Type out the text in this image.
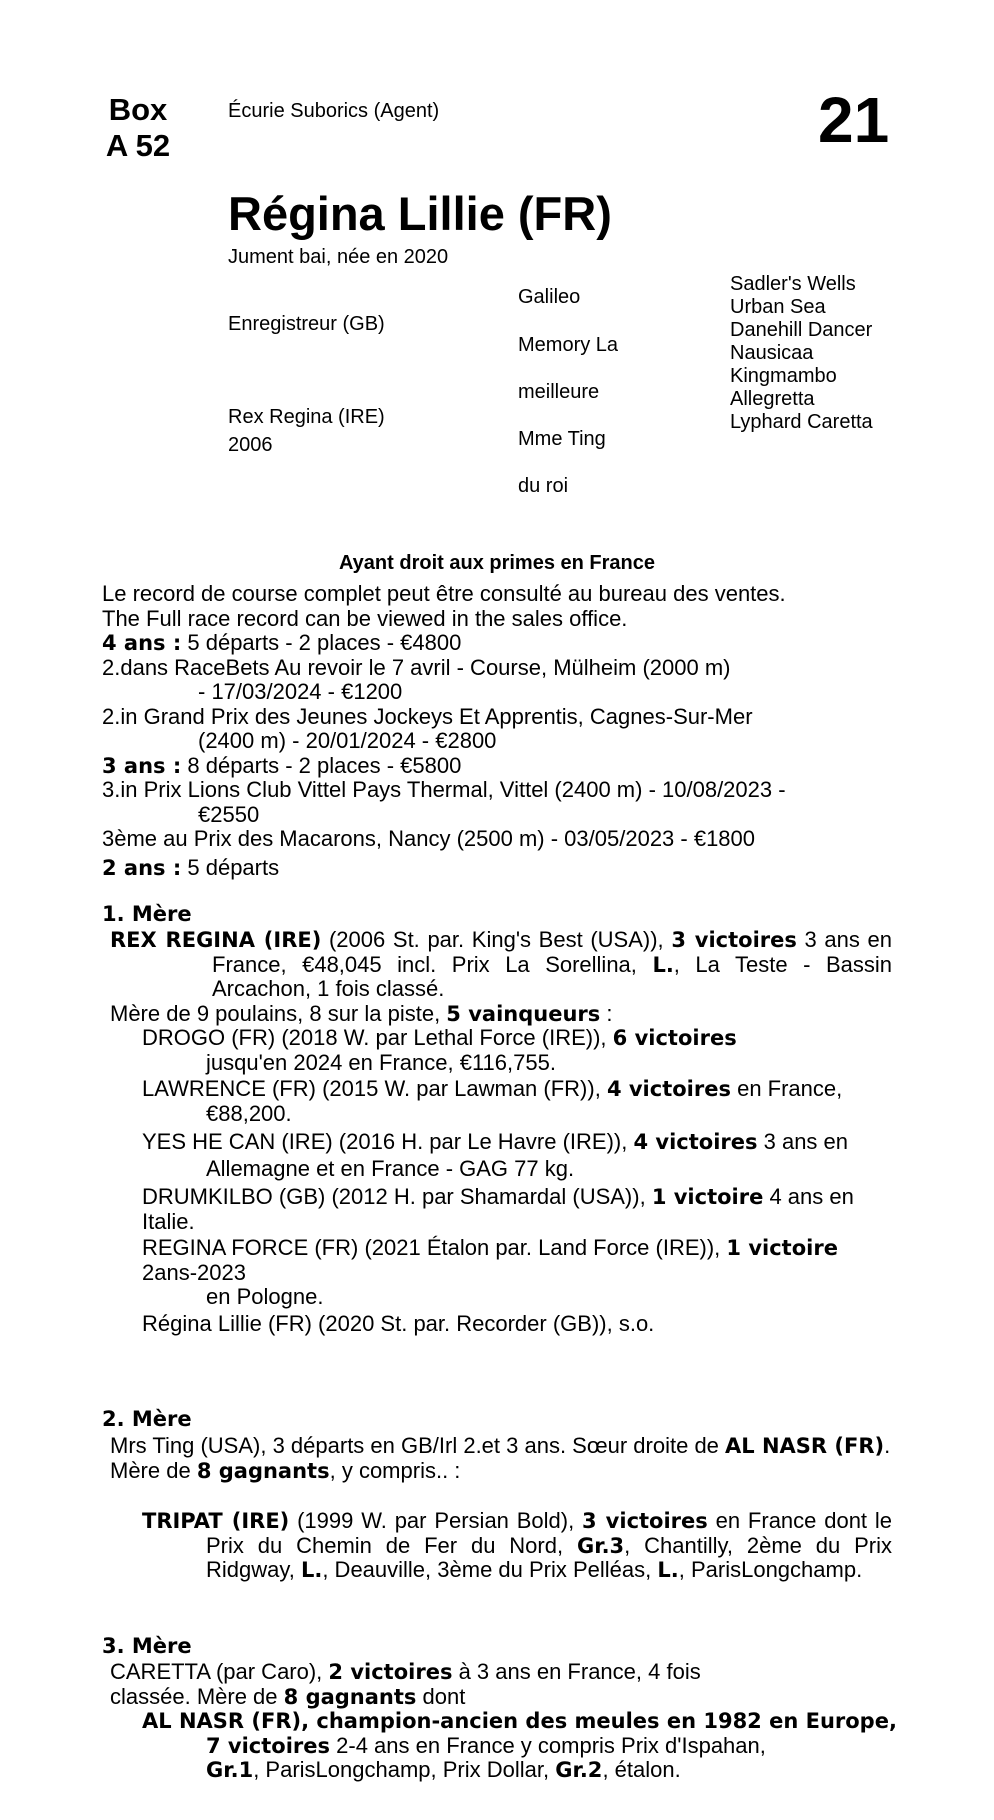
Box
A 52
Écurie Suborics (Agent)	21
Régina Lillie (FR)
Jument bai, née en 2020
Enregistreur (GB)
Rex Regina (IRE)
2006
Galileo
Memory La
meilleure
Mme Ting
du roi
Sadler's Wells
Urban Sea
Danehill Dancer
Nausicaa
Kingmambo
Allegretta
Lyphard Caretta
Ayant droit aux primes en France

Le record de course complet peut être consulté au bureau des ventes.

The Full race record can be viewed in the sales office.

4 ans : 5 départs - 2 places - €4800

2.dans RaceBets Au revoir le 7 avril - Course, Mülheim (2000 m)

- 17/03/2024 - €1200

2.in Grand Prix des Jeunes Jockeys Et Apprentis, Cagnes-Sur-Mer

(2400 m) - 20/01/2024 - €2800

3 ans : 8 départs - 2 places - €5800

3.in Prix Lions Club Vittel Pays Thermal, Vittel (2400 m) - 10/08/2023 -

€2550

3ème au Prix des Macarons, Nancy (2500 m) - 03/05/2023 - €1800

2 ans : 5 départs

1. Mère

REX REGINA (IRE) (2006 St. par. King's Best (USA)), 3 victoires 3 ans en France, €48,045 incl. Prix La Sorellina, L., La Teste - Bassin Arcachon, 1 fois classé.

Mère de 9 poulains, 8 sur la piste, 5 vainqueurs :

DROGO (FR) (2018 W. par Lethal Force (IRE)), 6 victoires

jusqu'en 2024 en France, €116,755.

LAWRENCE (FR) (2015 W. par Lawman (FR)), 4 victoires en France,

€88,200.

YES HE CAN (IRE) (2016 H. par Le Havre (IRE)), 4 victoires 3 ans en

Allemagne et en France - GAG 77 kg.

DRUMKILBO (GB) (2012 H. par Shamardal (USA)), 1 victoire 4 ans en Italie.

REGINA FORCE (FR) (2021 Étalon par. Land Force (IRE)), 1 victoire 2ans-2023

en Pologne.

Régina Lillie (FR) (2020 St. par. Recorder (GB)), s.o.

2. Mère

Mrs Ting (USA), 3 départs en GB/Irl 2.et 3 ans. Sœur droite de AL NASR (FR).

Mère de 8 gagnants, y compris.. :

TRIPAT (IRE) (1999 W. par Persian Bold), 3 victoires en France dont le Prix du Chemin de Fer du Nord, Gr.3, Chantilly, 2ème du Prix Ridgway, L., Deauville, 3ème du Prix Pelléas, L., ParisLongchamp.

3. Mère

CARETTA (par Caro), 2 victoires à 3 ans en France, 4 fois

classée. Mère de 8 gagnants dont

AL NASR (FR), champion-ancien des meules en 1982 en Europe,

7 victoires 2-4 ans en France y compris Prix d'Ispahan,

Gr.1, ParisLongchamp, Prix Dollar, Gr.2, étalon.
